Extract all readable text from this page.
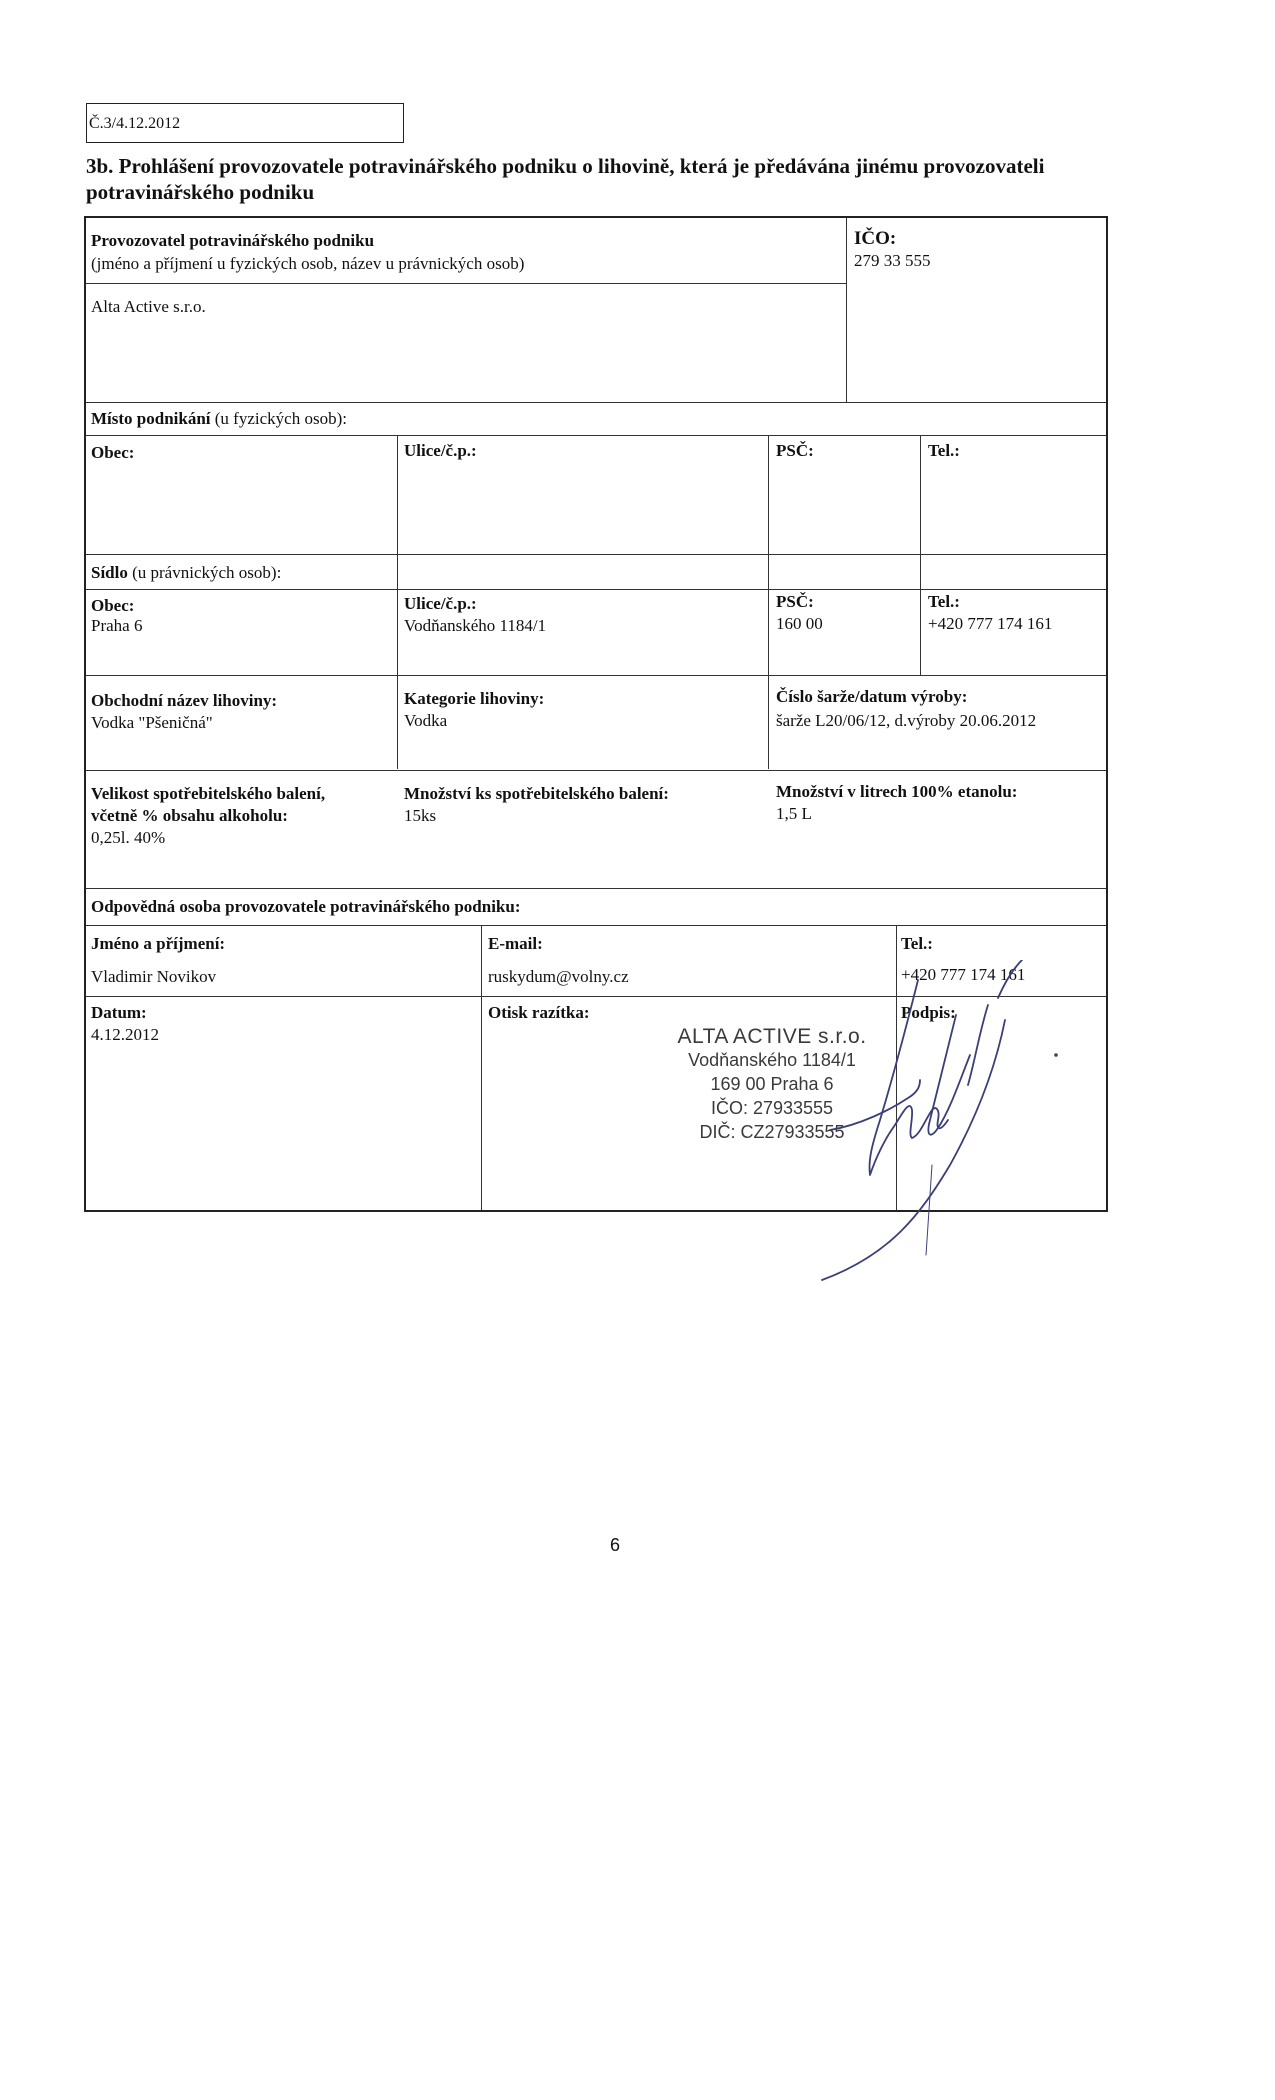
Č.3/4.12.2012
3b. Prohlášení provozovatele potravinářského podniku o lihovině, která je předávána jinému provozovateli potravinářského podniku
Provozovatel potravinářského podniku
(jméno a příjmení u fyzických osob, název u právnických osob)
Alta Active s.r.o.
IČO:
279 33 555
Místo podnikání (u fyzických osob):
Obec:	Ulice/č.p.:	PSČ:	Tel.:
Sídlo (u právnických osob):
Obec:
Praha 6
Ulice/č.p.:
Vodňanského 1184/1
PSČ:
160 00
Tel.:
+420 777 174 161
Obchodní název lihoviny:
Vodka "Pšeničná"
Kategorie lihoviny:
Vodka
Číslo šarže/datum výroby:
šarže L20/06/12, d.výroby 20.06.2012
Velikost spotřebitelského balení,
včetně % obsahu alkoholu:
0,25l. 40%
Množství ks spotřebitelského balení:
15ks
Množství v litrech 100% etanolu:
1,5 L
Odpovědná osoba provozovatele potravinářského podniku:
Jméno a příjmení:
Vladimir Novikov
E-mail:
ruskydum@volny.cz
Tel.:
+420 777 174 161
Datum:
4.12.2012
Otisk razítka:	Podpis:
ALTA ACTIVE s.r.o.
Vodňanského 1184/1
169 00 Praha 6
IČO: 27933555
DIČ: CZ27933555
6
